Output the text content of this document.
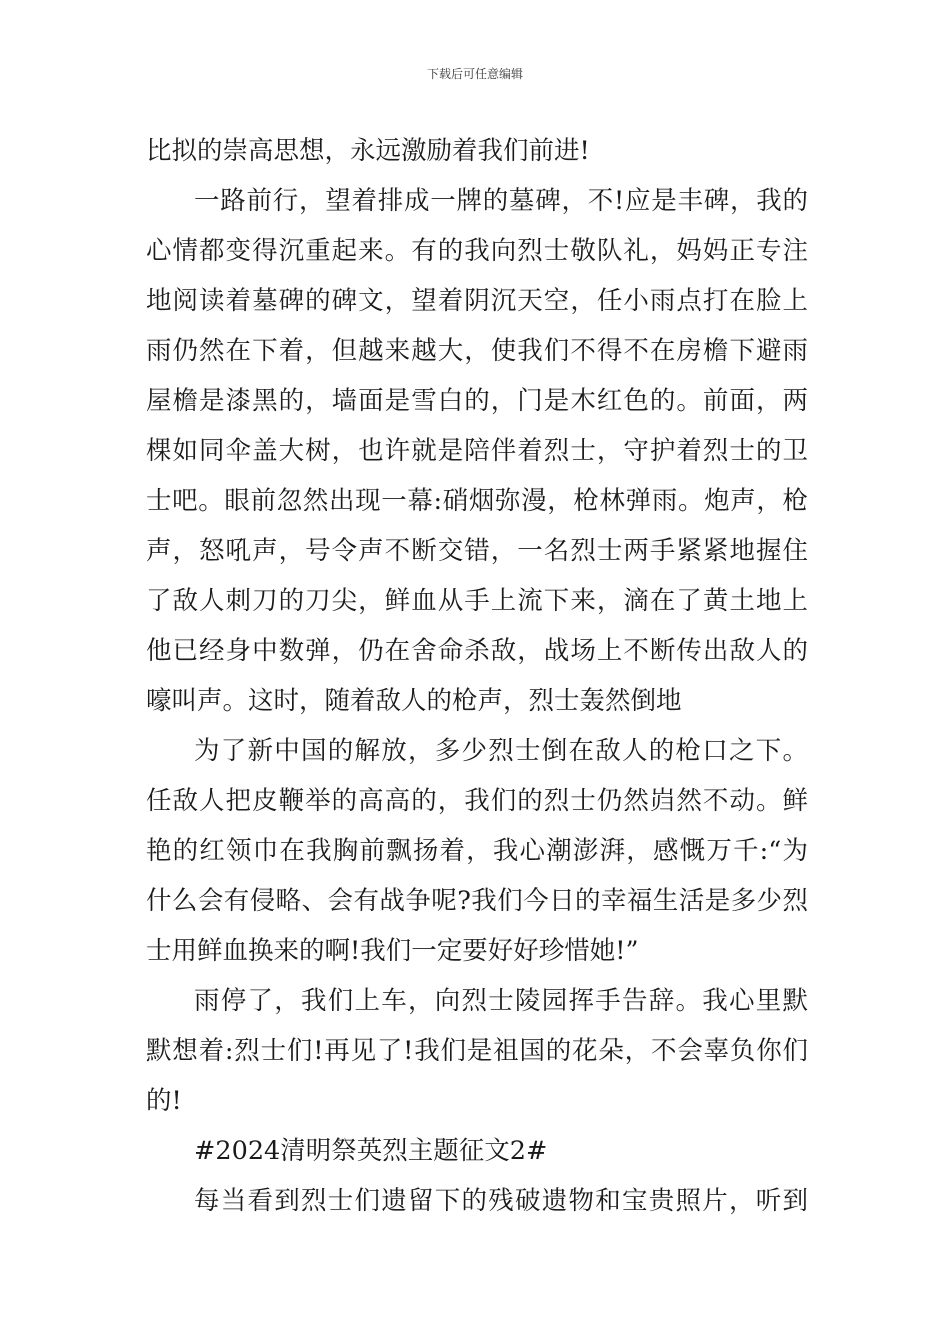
下载后可任意编辑
比拟的崇高思想，永远激励着我们前进!
一路前行，望着排成一牌的墓碑，不!应是丰碑，我的
心情都变得沉重起来。有的我向烈士敬队礼，妈妈正专注
地阅读着墓碑的碑文，望着阴沉天空，任小雨点打在脸上
雨仍然在下着，但越来越大，使我们不得不在房檐下避雨
屋檐是漆黑的，墙面是雪白的，门是木红色的。前面，两
棵如同伞盖大树，也许就是陪伴着烈士，守护着烈士的卫
士吧。眼前忽然出现一幕:硝烟弥漫，枪林弹雨。炮声，枪
声，怒吼声，号令声不断交错，一名烈士两手紧紧地握住
了敌人刺刀的刀尖，鲜血从手上流下来，滴在了黄土地上
他已经身中数弹，仍在舍命杀敌，战场上不断传出敌人的
嚎叫声。这时，随着敌人的枪声，烈士轰然倒地
为了新中国的解放，多少烈士倒在敌人的枪口之下。
任敌人把皮鞭举的高高的，我们的烈士仍然岿然不动。鲜
艳的红领巾在我胸前飘扬着，我心潮澎湃，感慨万千:“为
什么会有侵略、会有战争呢?我们今日的幸福生活是多少烈
士用鲜血换来的啊!我们一定要好好珍惜她!”
雨停了，我们上车，向烈士陵园挥手告辞。我心里默
默想着:烈士们!再见了!我们是祖国的花朵，不会辜负你们
的!
#2024清明祭英烈主题征文2#
每当看到烈士们遗留下的残破遗物和宝贵照片，听到
